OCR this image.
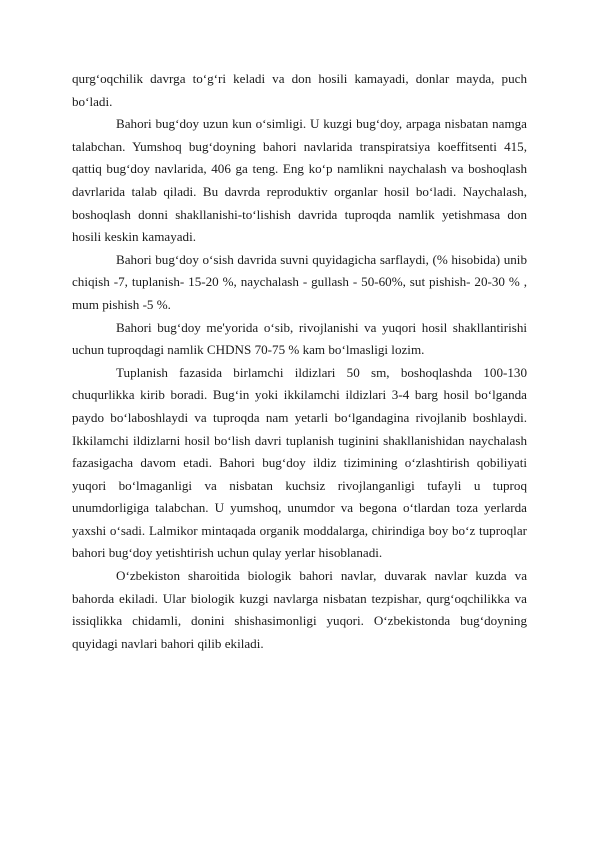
qurg‘oqchilik davrga to‘g‘ri keladi va don hosili kamayadi, donlar mayda, puch bo‘ladi.

Bahori bug‘doy uzun kun o‘simligi. U kuzgi bug‘doy, arpaga nisbatan namga talabchan. Yumshoq bug‘doyning bahori navlarida transpiratsiya koeffitsenti 415, qattiq bug‘doy navlarida, 406 ga teng. Eng ko‘p namlikni naychalash va boshoqlash davrlarida talab qiladi. Bu davrda reproduktiv organlar hosil bo‘ladi. Naychalash, boshoqlash donni shakllanishi-to‘lishish davrida tuproqda namlik yetishmasa don hosili keskin kamayadi.

Bahori bug‘doy o‘sish davrida suvni quyidagicha sarflaydi, (% hisobida) unib chiqish -7, tuplanish- 15-20 %, naychalash - gullash - 50-60%, sut pishish- 20-30 % , mum pishish -5 %.

Bahori bug‘doy me'yorida o‘sib, rivojlanishi va yuqori hosil shakllantirishi uchun tuproqdagi namlik CHDNS 70-75 % kam bo‘lmasligi lozim.

Tuplanish fazasida birlamchi ildizlari 50 sm, boshoqlashda 100-130 chuqurlikka kirib boradi. Bug‘in yoki ikkilamchi ildizlari 3-4 barg hosil bo‘lganda paydo bo‘laboshlaydi va tuproqda nam yetarli bo‘lgandagina rivojlanib boshlaydi. Ikkilamchi ildizlarni hosil bo‘lish davri tuplanish tuginini shakllanishidan naychalash fazasigacha davom etadi. Bahori bug‘doy ildiz tizimining o‘zlashtirish qobiliyati yuqori bo‘lmaganligi va nisbatan kuchsiz rivojlanganligi tufayli u tuproq unumdorligiga talabchan. U yumshoq, unumdor va begona o‘tlardan toza yerlarda yaxshi o‘sadi. Lalmikor mintaqada organik moddalarga, chirindiga boy bo‘z tuproqlar bahori bug‘doy yetishtirish uchun qulay yerlar hisoblanadi.

O‘zbekiston sharoitida biologik bahori navlar, duvarak navlar kuzda va bahorda ekiladi. Ular biologik kuzgi navlarga nisbatan tezpishar, qurg‘oqchilikka va issiqlikka chidamli, donini shishasimonligi yuqori. O‘zbekistonda bug‘doyning quyidagi navlari bahori qilib ekiladi.
